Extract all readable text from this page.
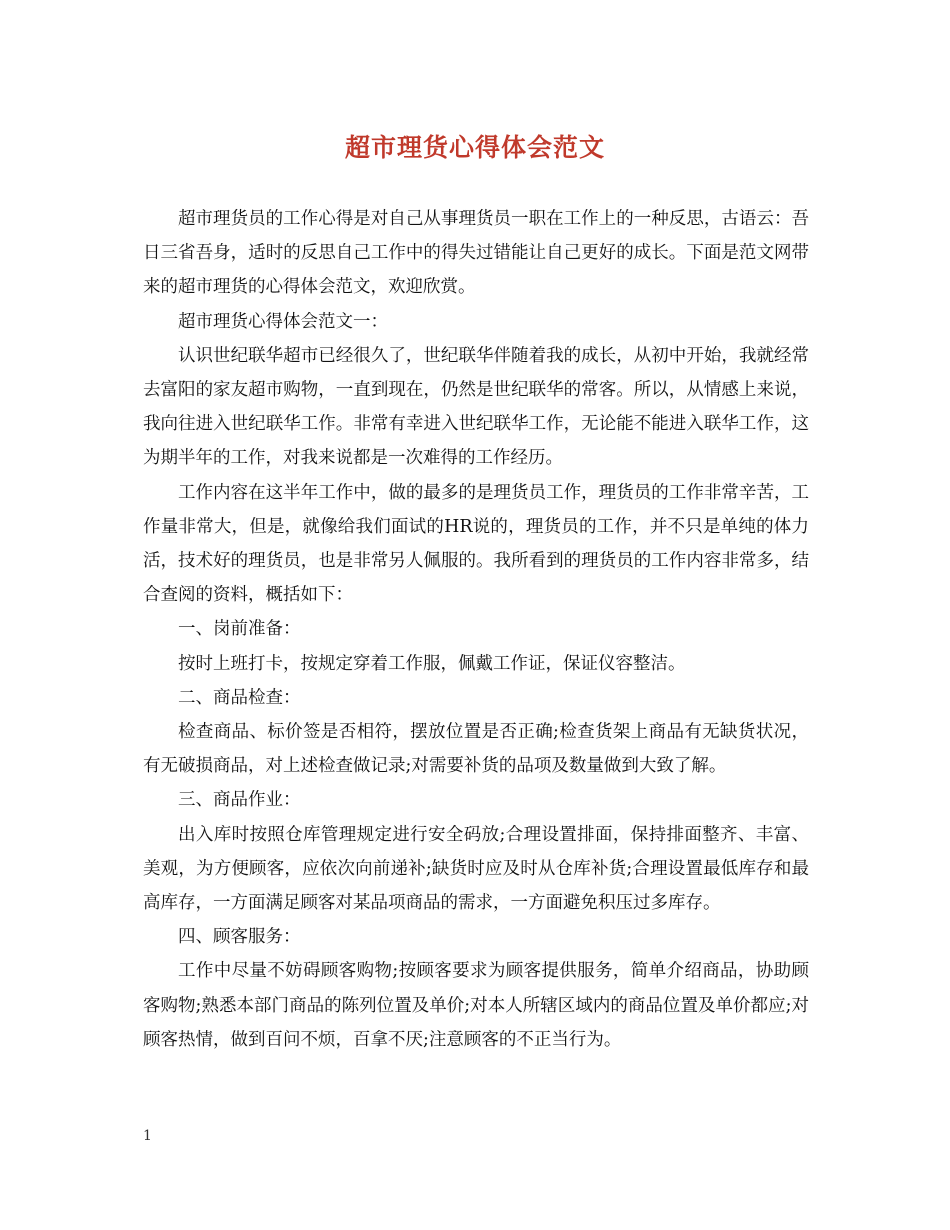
超市理货心得体会范文

超市理货员的工作心得是对自己从事理货员一职在工作上的一种反思，古语云：吾日三省吾身，适时的反思自己工作中的得失过错能让自己更好的成长。下面是范文网带来的超市理货的心得体会范文，欢迎欣赏。

超市理货心得体会范文一：

认识世纪联华超市已经很久了，世纪联华伴随着我的成长，从初中开始，我就经常去富阳的家友超市购物，一直到现在，仍然是世纪联华的常客。所以，从情感上来说，我向往进入世纪联华工作。非常有幸进入世纪联华工作，无论能不能进入联华工作，这为期半年的工作，对我来说都是一次难得的工作经历。

工作内容在这半年工作中，做的最多的是理货员工作，理货员的工作非常辛苦，工作量非常大，但是，就像给我们面试的HR说的，理货员的工作，并不只是单纯的体力活，技术好的理货员，也是非常另人佩服的。我所看到的理货员的工作内容非常多，结合查阅的资料，概括如下：

一、岗前准备：

按时上班打卡，按规定穿着工作服，佩戴工作证，保证仪容整洁。

二、商品检查：

检查商品、标价签是否相符，摆放位置是否正确;检查货架上商品有无缺货状况，有无破损商品，对上述检查做记录;对需要补货的品项及数量做到大致了解。

三、商品作业：

出入库时按照仓库管理规定进行安全码放;合理设置排面，保持排面整齐、丰富、美观，为方便顾客，应依次向前递补;缺货时应及时从仓库补货;合理设置最低库存和最高库存，一方面满足顾客对某品项商品的需求，一方面避免积压过多库存。

四、顾客服务：

工作中尽量不妨碍顾客购物;按顾客要求为顾客提供服务，简单介绍商品，协助顾客购物;熟悉本部门商品的陈列位置及单价;对本人所辖区域内的商品位置及单价都应;对顾客热情，做到百问不烦，百拿不厌;注意顾客的不正当行为。

1
